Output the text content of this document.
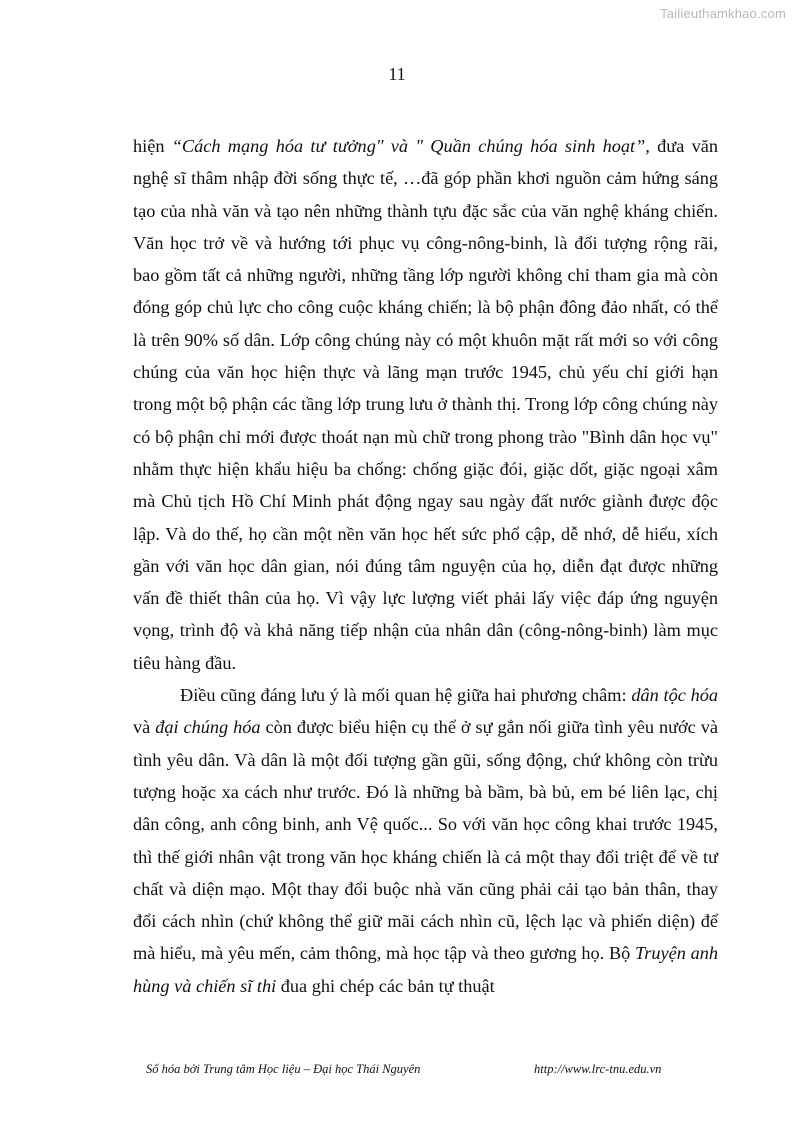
Tailieuthamkhao.com
11

hiện “Cách mạng hóa tư tưởng" và " Quần chúng hóa sinh hoạt”, đưa văn nghệ sĩ thâm nhập đời sống thực tế, …đã góp phần khơi nguồn cảm hứng sáng tạo của nhà văn và tạo nên những thành tựu đặc sắc của văn nghệ kháng chiến. Văn học trở về và hướng tới phục vụ công-nông-binh, là đối tượng rộng rãi, bao gồm tất cả những người, những tầng lớp người không chỉ tham gia mà còn đóng góp chủ lực cho công cuộc kháng chiến; là bộ phận đông đảo nhất, có thể là trên 90% số dân. Lớp công chúng này có một khuôn mặt rất mới so với công chúng của văn học hiện thực và lãng mạn trước 1945, chủ yếu chỉ giới hạn trong một bộ phận các tầng lớp trung lưu ở thành thị. Trong lớp công chúng này có bộ phận chỉ mới được thoát nạn mù chữ trong phong trào "Bình dân học vụ" nhằm thực hiện khẩu hiệu ba chống: chống giặc đói, giặc dốt, giặc ngoại xâm mà Chủ tịch Hồ Chí Minh phát động ngay sau ngày đất nước giành được độc lập. Và do thế, họ cần một nền văn học hết sức phổ cập, dễ nhớ, dễ hiểu, xích gần với văn học dân gian, nói đúng tâm nguyện của họ, diễn đạt được những vấn đề thiết thân của họ. Vì vậy lực lượng viết phải lấy việc đáp ứng nguyện vọng, trình độ và khả năng tiếp nhận của nhân dân (công-nông-binh) làm mục tiêu hàng đầu.

Điều cũng đáng lưu ý là mối quan hệ giữa hai phương châm: dân tộc hóa và đại chúng hóa còn được biểu hiện cụ thể ở sự gắn nối giữa tình yêu nước và tình yêu dân. Và dân là một đối tượng gần gũi, sống động, chứ không còn trừu tượng hoặc xa cách như trước. Đó là những bà bầm, bà bủ, em bé liên lạc, chị dân công, anh công binh, anh Vệ quốc... So với văn học công khai trước 1945, thì thế giới nhân vật trong văn học kháng chiến là cả một thay đổi triệt để về tư chất và diện mạo. Một thay đổi buộc nhà văn cũng phải cải tạo bản thân, thay đổi cách nhìn (chứ không thể giữ mãi cách nhìn cũ, lệch lạc và phiến diện) để mà hiểu, mà yêu mến, cảm thông, mà học tập và theo gương họ. Bộ Truyện anh hùng và chiến sĩ thi đua ghi chép các bản tự thuật

Số hóa bởi Trung tâm Học liệu – Đại học Thái Nguyên	http://www.lrc-tnu.edu.vn
